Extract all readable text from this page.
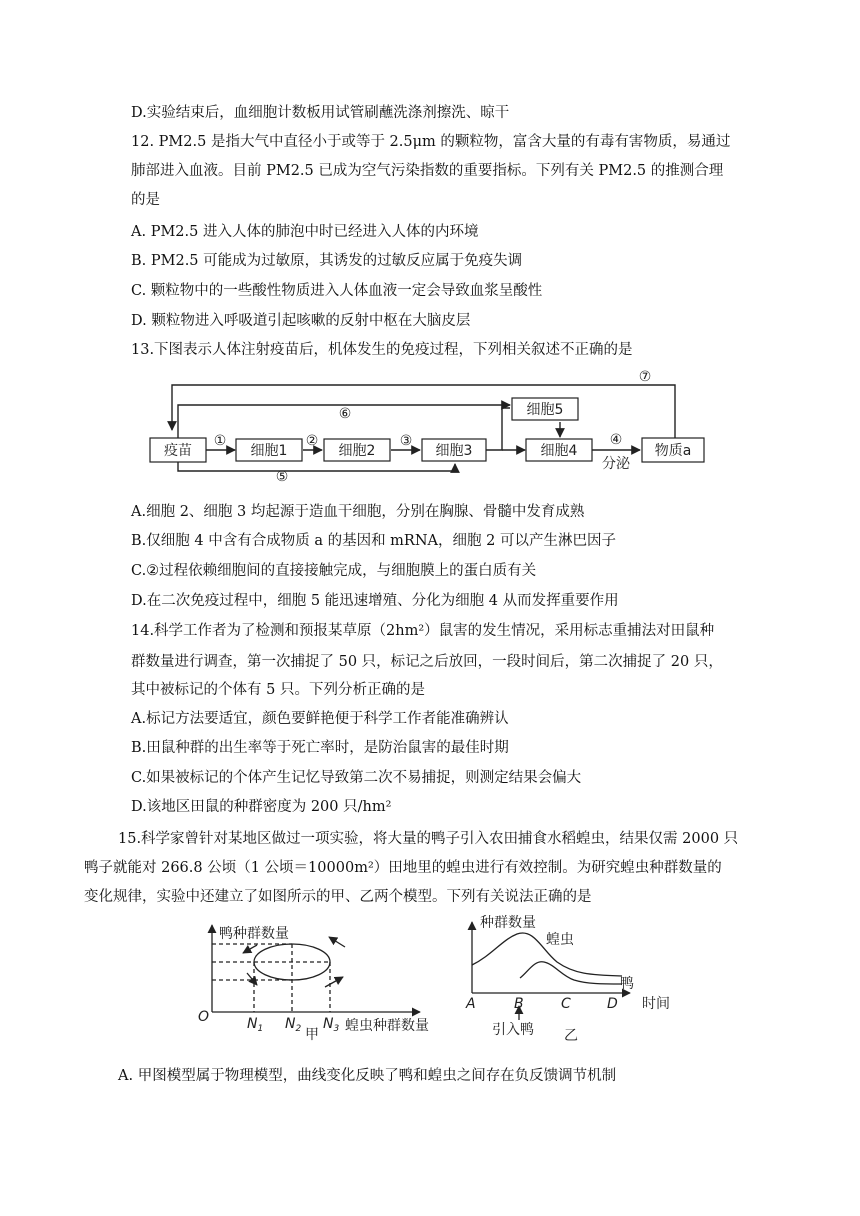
D.实验结束后，血细胞计数板用试管刷蘸洗涤剂擦洗、晾干
12. PM2.5 是指大气中直径小于或等于 2.5μm 的颗粒物，富含大量的有毒有害物质，易通过
肺部进入血液。目前 PM2.5 已成为空气污染指数的重要指标。下列有关 PM2.5 的推测合理
的是
A. PM2.5 进入人体的肺泡中时已经进入人体的内环境
B. PM2.5 可能成为过敏原，其诱发的过敏反应属于免疫失调
C. 颗粒物中的一些酸性物质进入人体血液一定会导致血浆呈酸性
D. 颗粒物进入呼吸道引起咳嗽的反射中枢在大脑皮层
13.下图表示人体注射疫苗后，机体发生的免疫过程，下列相关叙述不正确的是
疫苗	细胞1	细胞2	细胞3
细胞5
细胞4	物质a
分泌
①	②	③	④
⑤
⑥
⑦
A.细胞 2、细胞 3 均起源于造血干细胞，分别在胸腺、骨髓中发育成熟
B.仅细胞 4 中含有合成物质 a 的基因和 mRNA，细胞 2 可以产生淋巴因子
C.②过程依赖细胞间的直接接触完成，与细胞膜上的蛋白质有关
D.在二次免疫过程中，细胞 5 能迅速增殖、分化为细胞 4 从而发挥重要作用
14.科学工作者为了检测和预报某草原（2hm²）鼠害的发生情况，采用标志重捕法对田鼠种
群数量进行调查，第一次捕捉了 50 只，标记之后放回，一段时间后，第二次捕捉了 20 只，
其中被标记的个体有 5 只。下列分析正确的是
A.标记方法要适宜，颜色要鲜艳便于科学工作者能准确辨认
B.田鼠种群的出生率等于死亡率时，是防治鼠害的最佳时期
C.如果被标记的个体产生记忆导致第二次不易捕捉，则测定结果会偏大
D.该地区田鼠的种群密度为 200 只/hm²
15.科学家曾针对某地区做过一项实验，将大量的鸭子引入农田捕食水稻蝗虫，结果仅需 2000 只
鸭子就能对 266.8 公顷（1 公顷＝10000m²）田地里的蝗虫进行有效控制。为研究蝗虫种群数量的
变化规律，实验中还建立了如图所示的甲、乙两个模型。下列有关说法正确的是
鸭种群数量
蝗虫种群数量
O	$N_1$ $N_2$ $N_3$
甲
种群数量
蝗虫
鸭
时间
A	B	C	D
引入鸭 乙
A. 甲图模型属于物理模型，曲线变化反映了鸭和蝗虫之间存在负反馈调节机制
